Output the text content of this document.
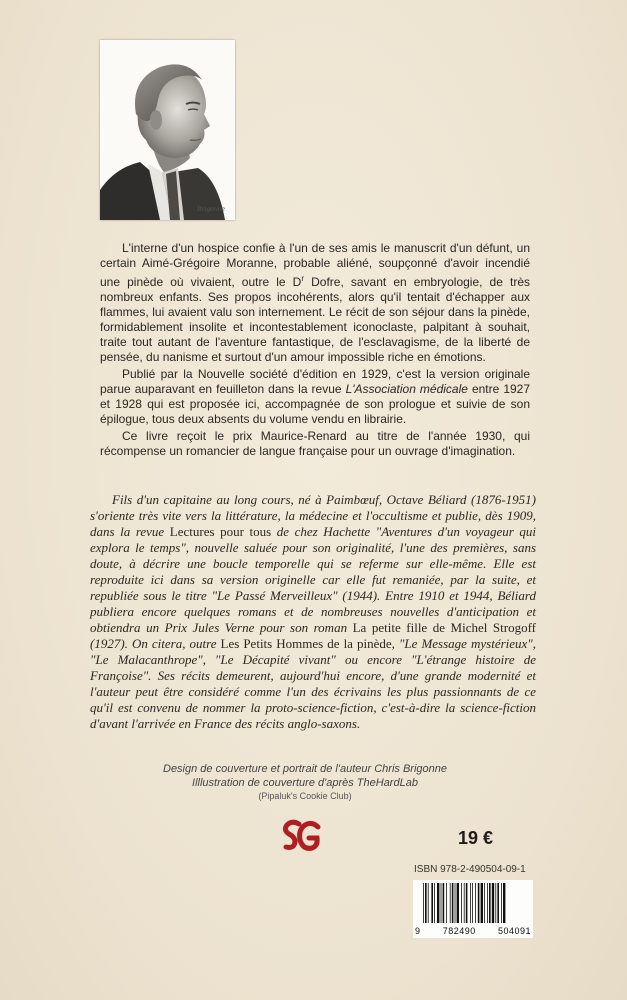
Brigonne

L'interne d'un hospice confie à l'un de ses amis le manuscrit d'un défunt, un certain Aimé-Grégoire Moranne, probable aliéné, soupçonné d'avoir incendié une pinède où vivaient, outre le $D^r$ Dofre, savant en embryologie, de très nombreux enfants. Ses propos incohérents, alors qu'il tentait d'échapper aux flammes, lui avaient valu son internement. Le récit de son séjour dans la pinède, formidablement insolite et incontestablement iconoclaste, palpitant à souhait, traite tout autant de l'aventure fantastique, de l'esclavagisme, de la liberté de pensée, du nanisme et surtout d'un amour impossible riche en émotions.

Publié par la Nouvelle société d'édition en 1929, c'est la version originale parue auparavant en feuilleton dans la revue L'Association médicale entre 1927 et 1928 qui est proposée ici, accompagnée de son prologue et suivie de son épilogue, tous deux absents du volume vendu en librairie.

Ce livre reçoit le prix Maurice-Renard au titre de l'année 1930, qui récompense un romancier de langue française pour un ouvrage d'imagination.

Fils d'un capitaine au long cours, né à Paimbœuf, Octave Béliard (1876-1951) s'oriente très vite vers la littérature, la médecine et l'occultisme et publie, dès 1909, dans la revue Lectures pour tous de chez Hachette "Aventures d'un voyageur qui explora le temps", nouvelle saluée pour son originalité, l'une des premières, sans doute, à décrire une boucle temporelle qui se referme sur elle-même. Elle est reproduite ici dans sa version originelle car elle fut remaniée, par la suite, et republiée sous le titre "Le Passé Merveilleux" (1944). Entre 1910 et 1944, Béliard publiera encore quelques romans et de nombreuses nouvelles d'anticipation et obtiendra un Prix Jules Verne pour son roman La petite fille de Michel Strogoff (1927). On citera, outre Les Petits Hommes de la pinède, "Le Message mystérieux", "Le Malacanthrope", "Le Décapité vivant" ou encore "L'étrange histoire de Françoise". Ses récits demeurent, aujourd'hui encore, d'une grande modernité et l'auteur peut être considéré comme l'un des écrivains les plus passionnants de ce qu'il est convenu de nommer la proto-science-fiction, c'est-à-dire la science-fiction d'avant l'arrivée en France des récits anglo-saxons.

Design de couverture et portrait de l'auteur Chris Brigonne
Illlustration de couverture d'après TheHardLab
(Pipaluk's Cookie Club)
19 €
ISBN 978-2-490504-09-1
9 782490 504091
